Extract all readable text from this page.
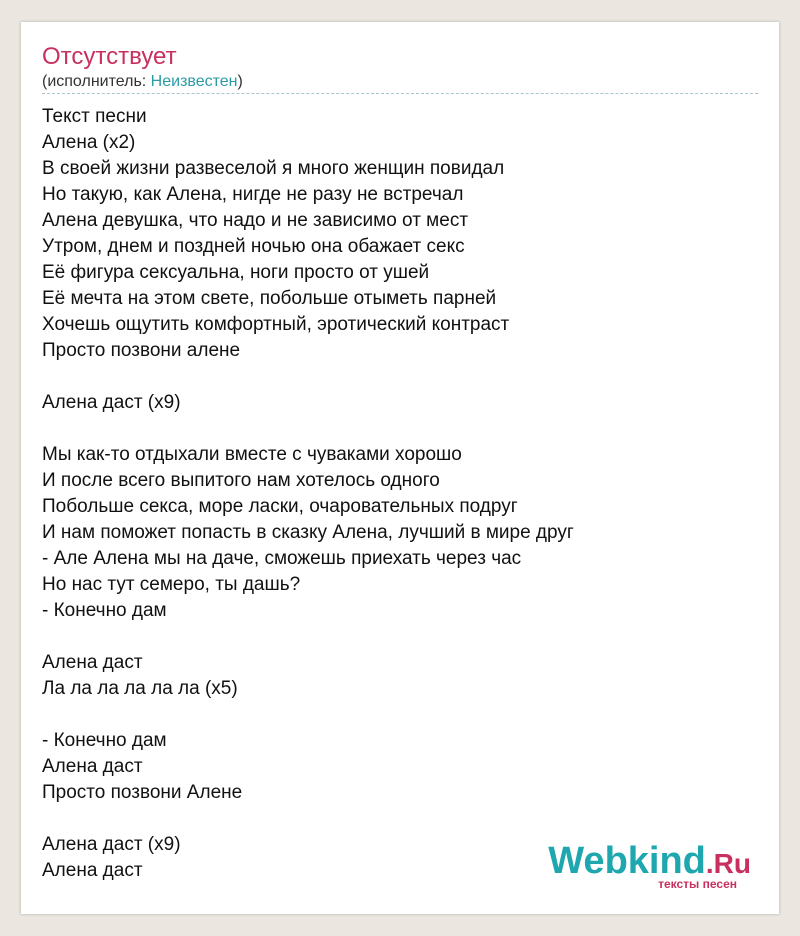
Отсутствует
(исполнитель: Неизвестен)
Текст песни
Алена (х2)
В своей жизни развеселой я много женщин повидал
Но такую, как Алена, нигде не разу не встречал
Алена девушка, что надо и не зависимо от мест
Утром, днем и поздней ночью она обажает секс
Её фигура сексуальна, ноги просто от ушей
Её мечта на этом свете, побольше отыметь парней
Хочешь ощутить комфортный, эротический контраст
Просто позвони алене
Алена даст (х9)
Мы как-то отдыхали вместе с чуваками хорошо
И после всего выпитого нам хотелось одного
Побольше секса, море ласки, очаровательных подруг
И нам поможет попасть в сказку Алена, лучший в мире друг
- Але Алена мы на даче, сможешь приехать через час
Но нас тут семеро, ты дашь?
- Конечно дам
Алена даст
Ла ла ла ла ла ла (х5)
- Конечно дам
Алена даст
Просто позвони Алене
Алена даст (х9)
Алена даст	Webkind.Ru
тексты песен
